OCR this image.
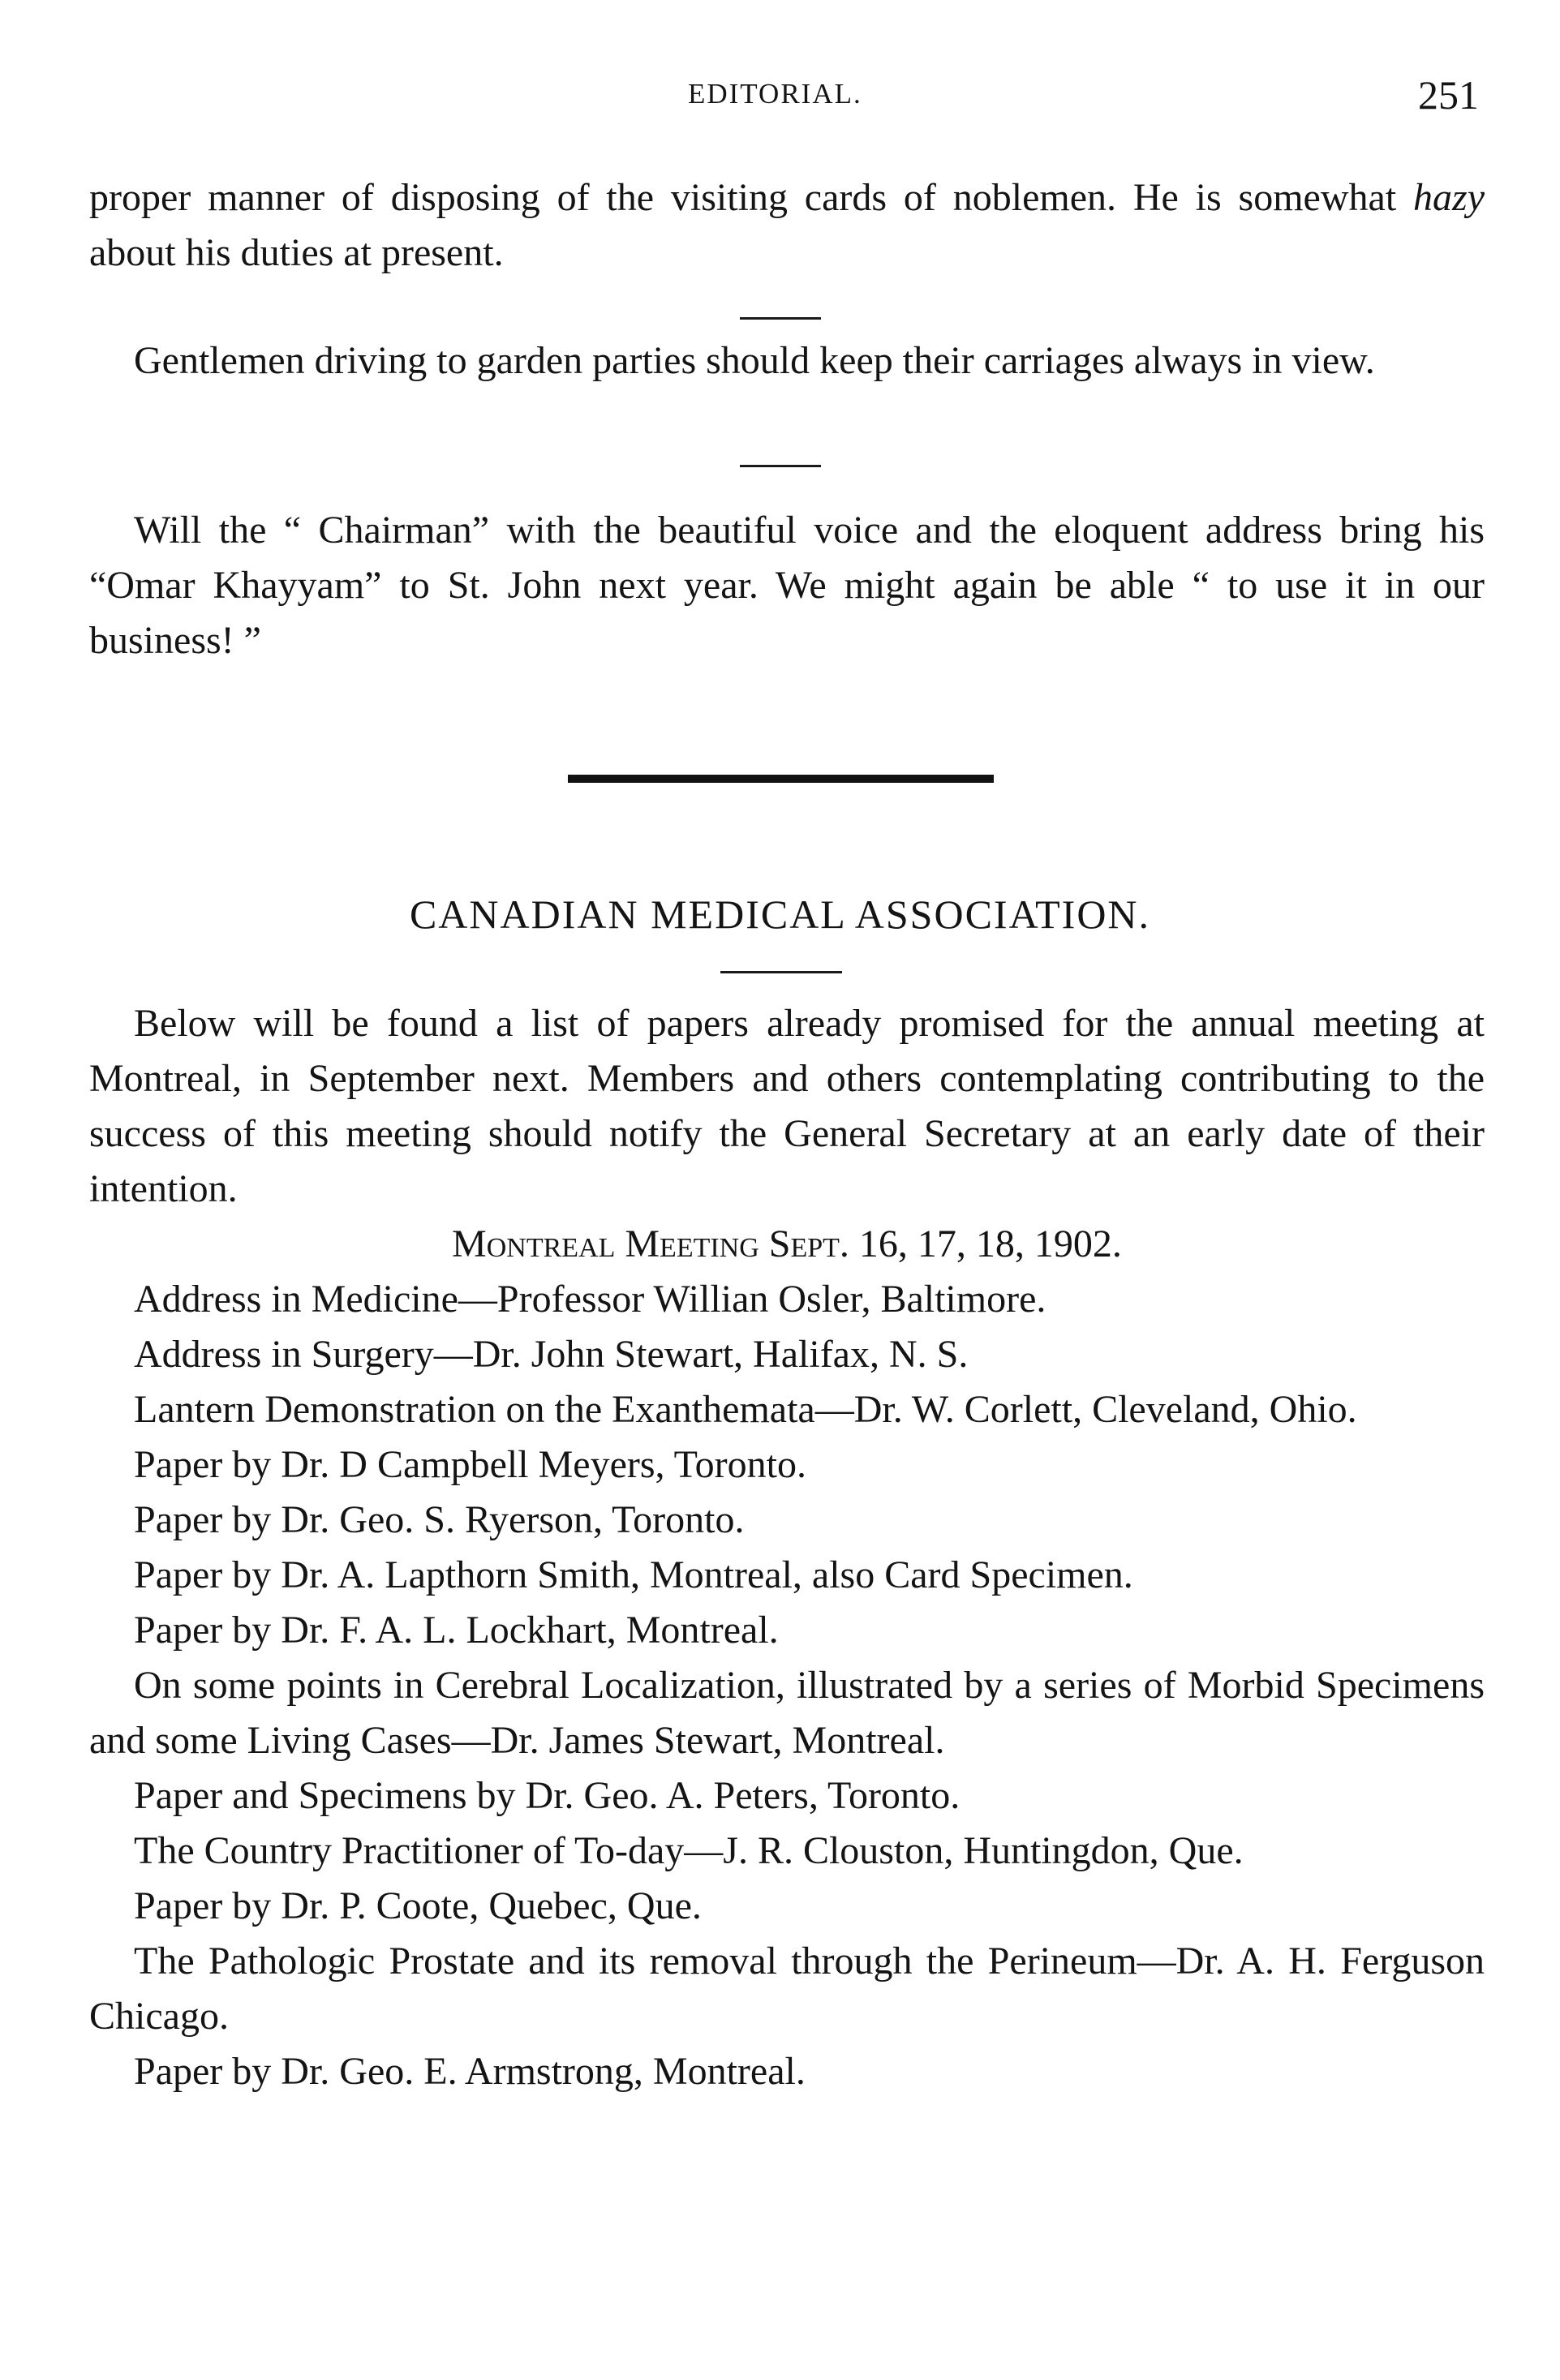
EDITORIAL.	251

proper manner of disposing of the visiting cards of noblemen. He is somewhat hazy about his duties at present.

Gentlemen driving to garden parties should keep their carriages always in view.

Will the “ Chairman” with the beautiful voice and the eloquent address bring his “Omar Khayyam” to St. John next year. We might again be able “ to use it in our business! ”

CANADIAN MEDICAL ASSOCIATION.

Below will be found a list of papers already promised for the annual meeting at Montreal, in September next. Members and others contemplating contributing to the success of this meeting should notify the General Secretary at an early date of their intention.

Montreal Meeting Sept. 16, 17, 18, 1902.

Address in Medicine—Professor Willian Osler, Baltimore.

Address in Surgery—Dr. John Stewart, Halifax, N. S.

Lantern Demonstration on the Exanthemata—Dr. W. Corlett, Cleveland, Ohio.

Paper by Dr. D Campbell Meyers, Toronto.

Paper by Dr. Geo. S. Ryerson, Toronto.

Paper by Dr. A. Lapthorn Smith, Montreal, also Card Specimen.

Paper by Dr. F. A. L. Lockhart, Montreal.

On some points in Cerebral Localization, illustrated by a series of Morbid Specimens and some Living Cases—Dr. James Stewart, Montreal.

Paper and Specimens by Dr. Geo. A. Peters, Toronto.

The Country Practitioner of To-day—J. R. Clouston, Huntingdon, Que.

Paper by Dr. P. Coote, Quebec, Que.

The Pathologic Prostate and its removal through the Perineum—Dr. A. H. Ferguson Chicago.

Paper by Dr. Geo. E. Armstrong, Montreal.
